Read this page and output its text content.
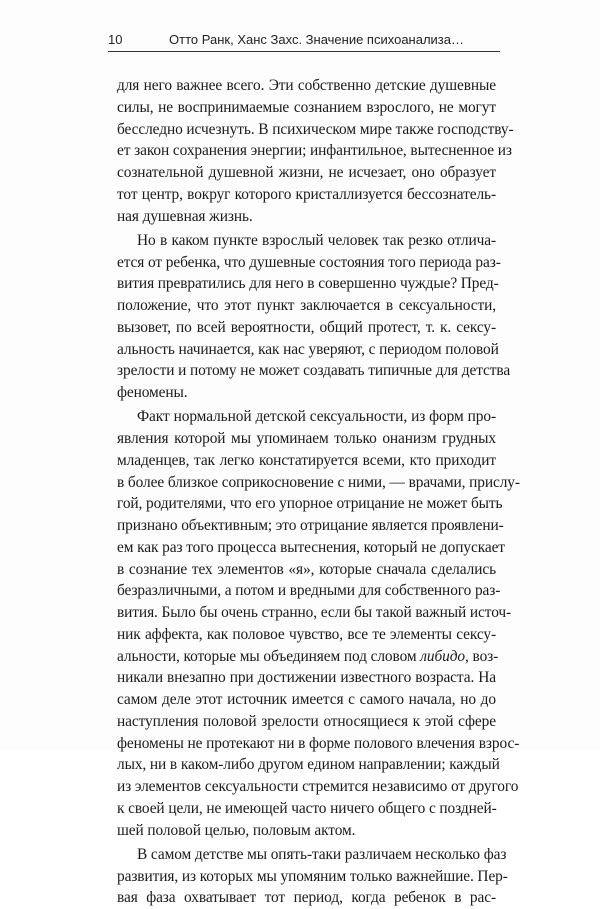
10	Отто Ранк, Ханс Захс. Значение психоанализа…
для него важнее всего. Эти собственно детские душевные
силы, не воспринимаемые сознанием взрослого, не могут
бесследно исчезнуть. В психическом мире также господству-
ет закон сохранения энергии; инфантильное, вытесненное из
сознательной душевной жизни, не исчезает, оно образует
тот центр, вокруг которого кристаллизуется бессознатель-
ная душевная жизнь.
Но в каком пункте взрослый человек так резко отлича-
ется от ребенка, что душевные состояния того периода раз-
вития превратились для него в совершенно чуждые? Пред-
положение, что этот пункт заключается в сексуальности,
вызовет, по всей вероятности, общий протест, т. к. сексу-
альность начинается, как нас уверяют, с периодом половой
зрелости и потому не может создавать типичные для детства
феномены.
Факт нормальной детской сексуальности, из форм про-
явления которой мы упоминаем только онанизм грудных
младенцев, так легко констатируется всеми, кто приходит
в более близкое соприкосновение с ними, — врачами, прислу-
гой, родителями, что его упорное отрицание не может быть
признано объективным; это отрицание является проявлени-
ем как раз того процесса вытеснения, который не допускает
в сознание тех элементов «я», которые сначала сделались
безразличными, а потом и вредными для собственного раз-
вития. Было бы очень странно, если бы такой важный источ-
ник аффекта, как половое чувство, все те элементы сексу-
альности, которые мы объединяем под словом либидо, воз-
никали внезапно при достижении известного возраста. На
самом деле этот источник имеется с самого начала, но до
наступления половой зрелости относящиеся к этой сфере
феномены не протекают ни в форме полового влечения взрос-
лых, ни в каком-либо другом едином направлении; каждый
из элементов сексуальности стремится независимо от другого
к своей цели, не имеющей часто ничего общего с поздней-
шей половой целью, половым актом.
В самом детстве мы опять-таки различаем несколько фаз
развития, из которых мы упомяним только важнейшие. Пер-
вая фаза охватывает тот период, когда ребенок в рас-
